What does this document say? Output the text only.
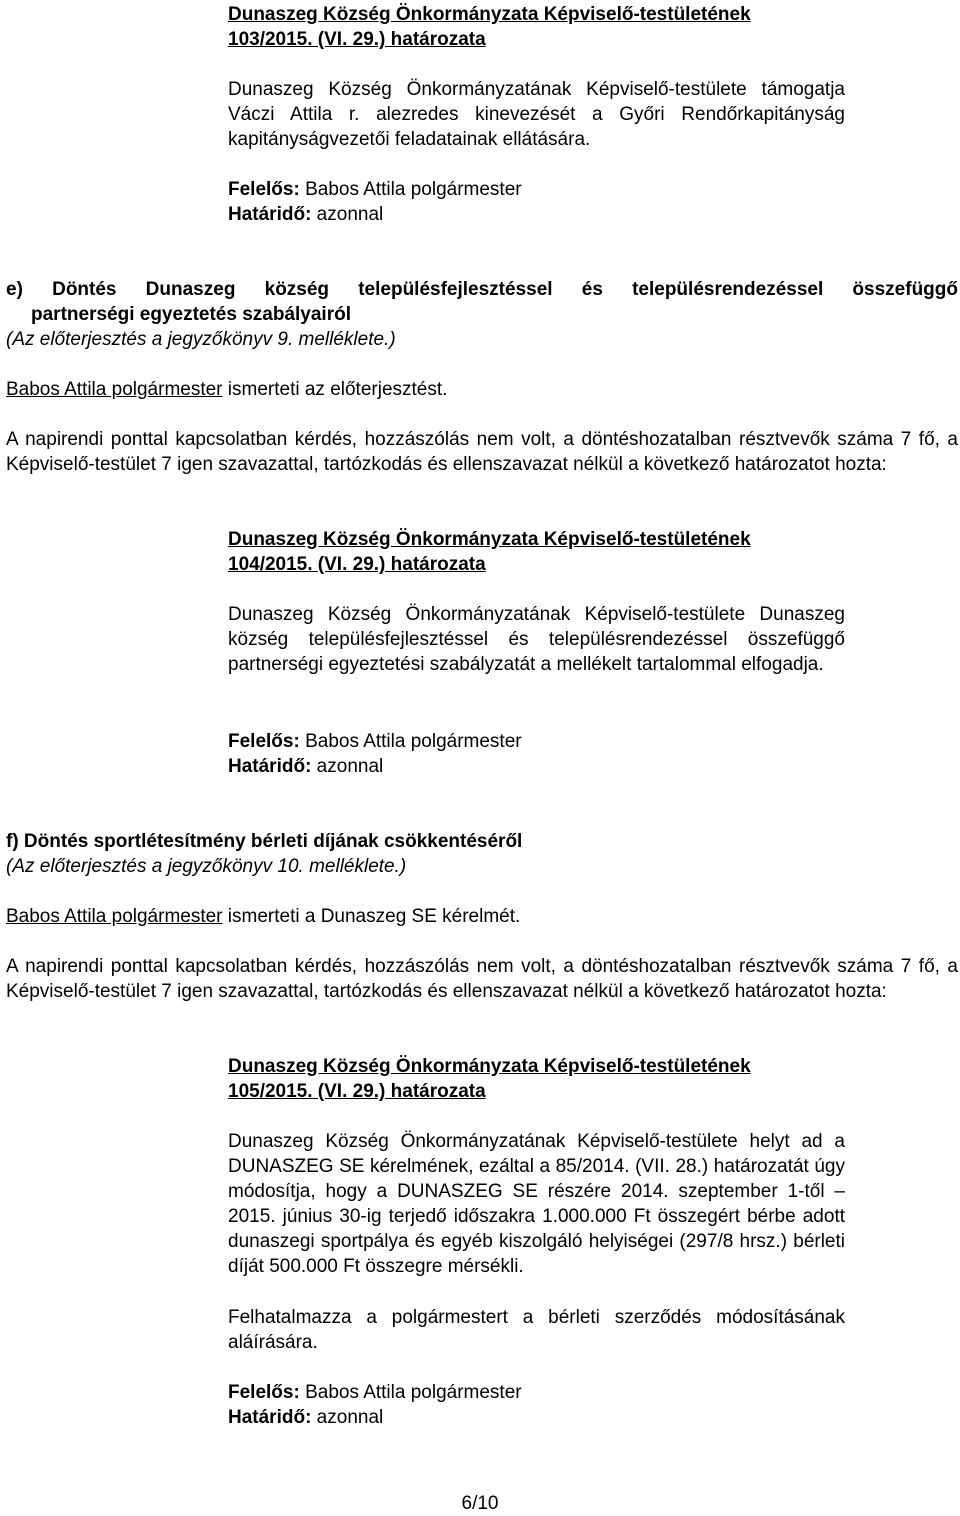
Dunaszeg Község Önkormányzata Képviselő-testületének
103/2015. (VI. 29.) határozata

Dunaszeg Község Önkormányzatának Képviselő-testülete támogatja Váczi Attila r. alezredes kinevezését a Győri Rendőrkapitányság kapitányságvezetői feladatainak ellátására.

Felelős: Babos Attila polgármester
Határidő: azonnal
e) Döntés Dunaszeg község településfejlesztéssel és településrendezéssel összefüggő
partnerségi egyeztetés szabályairól
(Az előterjesztés a jegyzőkönyv 9. melléklete.)
Babos Attila polgármester ismerteti az előterjesztést.

A napirendi ponttal kapcsolatban kérdés, hozzászólás nem volt, a döntéshozatalban résztvevők száma 7 fő, a Képviselő-testület 7 igen szavazattal, tartózkodás és ellenszavazat nélkül a következő határozatot hozta:

Dunaszeg Község Önkormányzata Képviselő-testületének
104/2015. (VI. 29.) határozata

Dunaszeg Község Önkormányzatának Képviselő-testülete Dunaszeg község településfejlesztéssel és településrendezéssel összefüggő partnerségi egyeztetési szabályzatát a mellékelt tartalommal elfogadja.

Felelős: Babos Attila polgármester
Határidő: azonnal
f) Döntés sportlétesítmény bérleti díjának csökkentéséről
(Az előterjesztés a jegyzőkönyv 10. melléklete.)
Babos Attila polgármester ismerteti a Dunaszeg SE kérelmét.

A napirendi ponttal kapcsolatban kérdés, hozzászólás nem volt, a döntéshozatalban résztvevők száma 7 fő, a Képviselő-testület 7 igen szavazattal, tartózkodás és ellenszavazat nélkül a következő határozatot hozta:

Dunaszeg Község Önkormányzata Képviselő-testületének
105/2015. (VI. 29.) határozata

Dunaszeg Község Önkormányzatának Képviselő-testülete helyt ad a DUNASZEG SE kérelmének, ezáltal a 85/2014. (VII. 28.) határozatát úgy módosítja, hogy a DUNASZEG SE részére 2014. szeptember 1-től – 2015. június 30-ig terjedő időszakra 1.000.000 Ft összegért bérbe adott dunaszegi sportpálya és egyéb kiszolgáló helyiségei (297/8 hrsz.) bérleti díját 500.000 Ft összegre mérsékli.

Felhatalmazza a polgármestert a bérleti szerződés módosításának aláírására.

Felelős: Babos Attila polgármester
Határidő: azonnal
6/10
